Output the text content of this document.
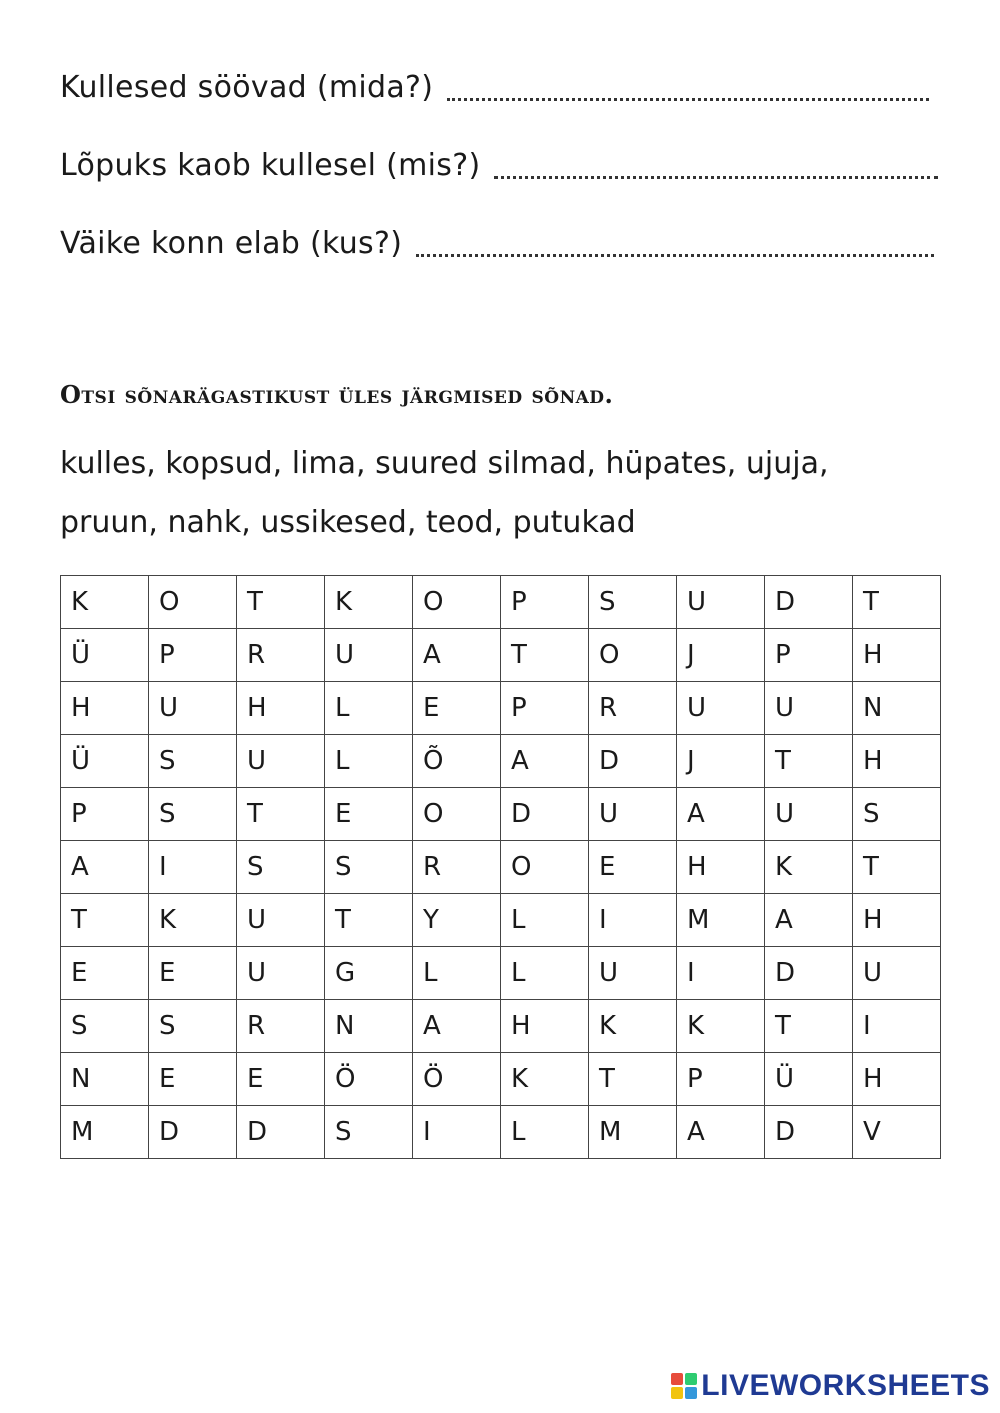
Kullesed söövad (mida?)
Lõpuks kaob kullesel (mis?)
Väike konn elab (kus?)
Otsi sõnarägastikust üles järgmised sõnad.
kulles, kopsud, lima, suured silmad, hüpates, ujuja,
pruun, nahk, ussikesed, teod, putukad
K	O	T	K	O	P	S	U	D	T
Ü	P	R	U	A	T	O	J	P	H
H	U	H	L	E	P	R	U	U	N
Ü	S	U	L	Õ	A	D	J	T	H
P	S	T	E	O	D	U	A	U	S
A	I	S	S	R	O	E	H	K	T
T	K	U	T	Y	L	I	M	A	H
E	E	U	G	L	L	U	I	D	U
S	S	R	N	A	H	K	K	T	I
N	E	E	Ö	Ö	K	T	P	Ü	H
M	D	D	S	I	L	M	A	D	V
LIVEWORKSHEETS
